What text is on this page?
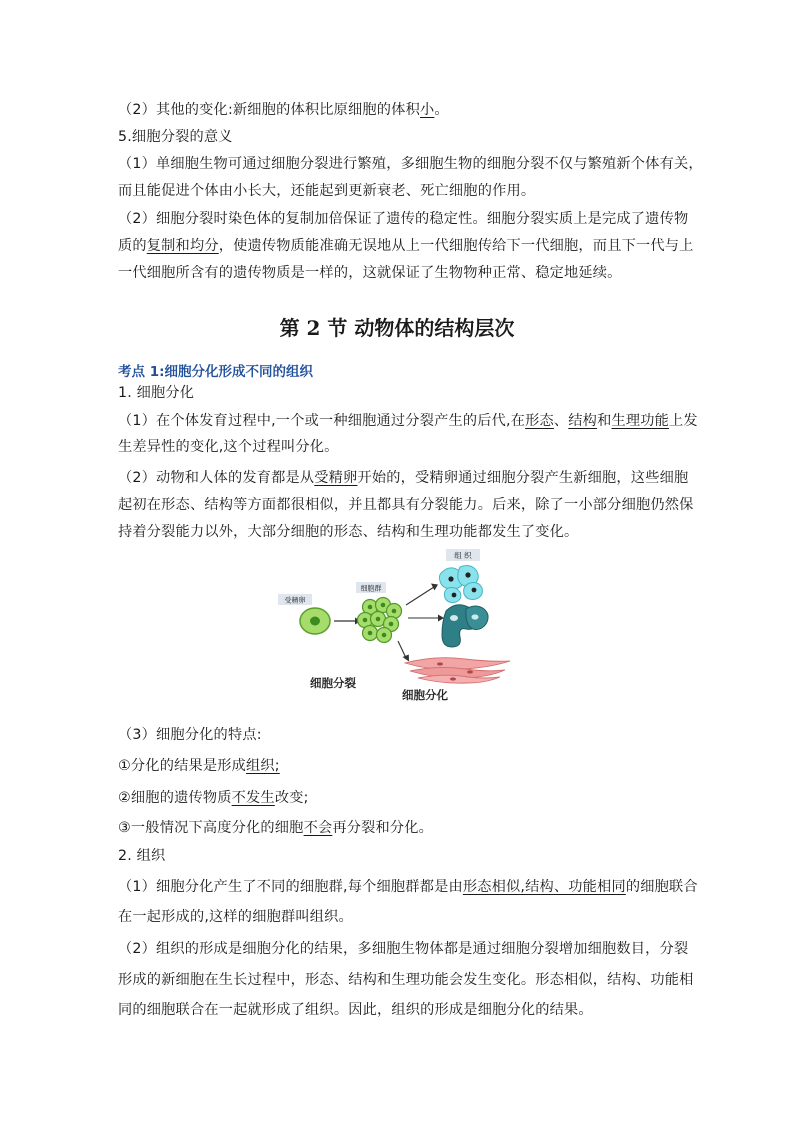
（2）其他的变化:新细胞的体积比原细胞的体积小。
5.细胞分裂的意义
（1）单细胞生物可通过细胞分裂进行繁殖，多细胞生物的细胞分裂不仅与繁殖新个体有关，
而且能促进个体由小长大，还能起到更新衰老、死亡细胞的作用。
（2）细胞分裂时染色体的复制加倍保证了遗传的稳定性。细胞分裂实质上是完成了遗传物
质的复制和均分，使遗传物质能准确无误地从上一代细胞传给下一代细胞，而且下一代与上
一代细胞所含有的遗传物质是一样的，这就保证了生物物种正常、稳定地延续。
第 2 节 动物体的结构层次
考点 1:细胞分化形成不同的组织
1. 细胞分化
（1）在个体发育过程中,一个或一种细胞通过分裂产生的后代,在形态、结构和生理功能上发
生差异性的变化,这个过程叫分化。
（2）动物和人体的发育都是从受精卵开始的，受精卵通过细胞分裂产生新细胞，这些细胞
起初在形态、结构等方面都很相似，并且都具有分裂能力。后来，除了一小部分细胞仍然保
持着分裂能力以外，大部分细胞的形态、结构和生理功能都发生了变化。
受精卵
细胞群
组 织
细胞分裂
细胞分化
（3）细胞分化的特点:
①分化的结果是形成组织;
②细胞的遗传物质不发生改变;
③一般情况下高度分化的细胞不会再分裂和分化。
2. 组织
（1）细胞分化产生了不同的细胞群,每个细胞群都是由形态相似,结构、功能相同的细胞联合
在一起形成的,这样的细胞群叫组织。
（2）组织的形成是细胞分化的结果，多细胞生物体都是通过细胞分裂增加细胞数目，分裂
形成的新细胞在生长过程中，形态、结构和生理功能会发生变化。形态相似，结构、功能相
同的细胞联合在一起就形成了组织。因此，组织的形成是细胞分化的结果。
